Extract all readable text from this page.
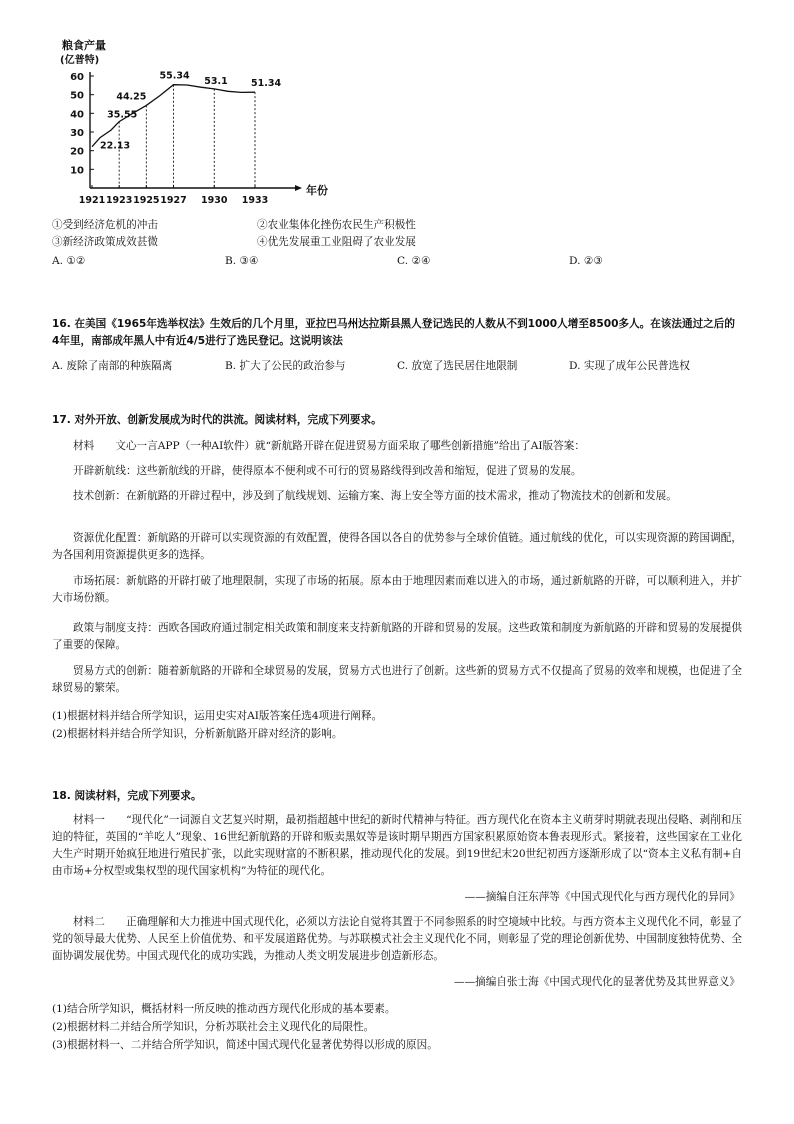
粮食产量
(亿普特)
10
20
30
40
50
60
1921 1923 1925 1927 1930 1933
22.13
35.55
44.25
55.34 53.1 51.34
年份
①受到经济危机的冲击	②农业集体化挫伤农民生产积极性
③新经济政策成效甚微	④优先发展重工业阻碍了农业发展
A. ①②	B. ③④	C. ②④	D. ②③
16. 在美国《1965年选举权法》生效后的几个月里，亚拉巴马州达拉斯县黑人登记选民的人数从不到1000人增至8500多人。在该法通过之后的4年里，南部成年黑人中有近4/5进行了选民登记。这说明该法
A. 废除了南部的种族隔离	B. 扩大了公民的政治参与	C. 放宽了选民居住地限制	D. 实现了成年公民普选权
17. 对外开放、创新发展成为时代的洪流。阅读材料，完成下列要求。
材料　　文心一言APP（一种AI软件）就“新航路开辟在促进贸易方面采取了哪些创新措施”给出了AI版答案：
开辟新航线：这些新航线的开辟，使得原本不便利或不可行的贸易路线得到改善和缩短，促进了贸易的发展。
技术创新：在新航路的开辟过程中，涉及到了航线规划、运输方案、海上安全等方面的技术需求，推动了物流技术的创新和发展。
资源优化配置：新航路的开辟可以实现资源的有效配置，使得各国以各自的优势参与全球价值链。通过航线的优化，可以实现资源的跨国调配，为各国利用资源提供更多的选择。
市场拓展：新航路的开辟打破了地理限制，实现了市场的拓展。原本由于地理因素而难以进入的市场，通过新航路的开辟，可以顺利进入，并扩大市场份额。
政策与制度支持：西欧各国政府通过制定相关政策和制度来支持新航路的开辟和贸易的发展。这些政策和制度为新航路的开辟和贸易的发展提供了重要的保障。
贸易方式的创新：随着新航路的开辟和全球贸易的发展，贸易方式也进行了创新。这些新的贸易方式不仅提高了贸易的效率和规模，也促进了全球贸易的繁荣。
(1)根据材料并结合所学知识，运用史实对AI版答案任选4项进行阐释。
(2)根据材料并结合所学知识，分析新航路开辟对经济的影响。
18. 阅读材料，完成下列要求。
材料一　　“现代化”一词源自文艺复兴时期，最初指超越中世纪的新时代精神与特征。西方现代化在资本主义萌芽时期就表现出侵略、剥削和压迫的特征，英国的“羊吃人”现象、16世纪新航路的开辟和贩卖黑奴等是该时期早期西方国家积累原始资本鲁表现形式。紧接着，这些国家在工业化大生产时期开始疯狂地进行殖民扩张，以此实现财富的不断积累，推动现代化的发展。到19世纪末20世纪初西方逐渐形成了以“资本主义私有制+自由市场+分权型或集权型的现代国家机构”为特征的现代化。
——摘编自汪东萍等《中国式现代化与西方现代化的异同》
材料二　　正确理解和大力推进中国式现代化，必须以方法论自觉将其置于不同参照系的时空境域中比较。与西方资本主义现代化不同，彰显了党的领导最大优势、人民至上价值优势、和平发展道路优势。与苏联模式社会主义现代化不同，则彰显了党的理论创新优势、中国制度独特优势、全面协调发展优势。中国式现代化的成功实践，为推动人类文明发展进步创造新形态。
——摘编自张士海《中国式现代化的显著优势及其世界意义》
(1)结合所学知识，概括材料一所反映的推动西方现代化形成的基本要素。
(2)根据材料二并结合所学知识，分析苏联社会主义现代化的局限性。
(3)根据材料一、二并结合所学知识，简述中国式现代化显著优势得以形成的原因。
